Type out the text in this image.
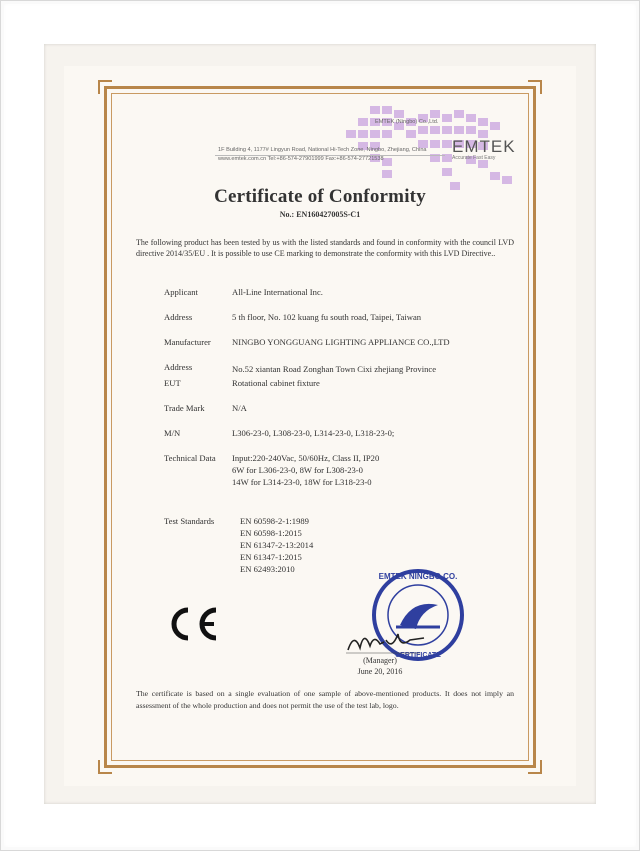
EMTEK (Ningbo) Co.,Ltd.
1F Building 4, 1177# Lingyun Road, National Hi-Tech Zone, Ningbo, Zhejiang, China
www.emtek.com.cn Tel:+86-574-27901999 Fax:+86-574-27721538
EMTEK
Accurate Fast Easy
Certificate of Conformity
No.: EN160427005S-C1
The following product has been tested by us with the listed standards and found in conformity with the council LVD directive 2014/35/EU . It is possible to use CE marking to demonstrate the conformity with this LVD Directive..
Applicant	All-Line International Inc.
Address	5 th floor, No. 102 kuang fu south road, Taipei, Taiwan
Manufacturer NINGBO YONGGUANG LIGHTING APPLIANCE CO.,LTD
Address	No.52 xiantan Road Zonghan Town Cixi zhejiang Province
EUT	Rotational cabinet fixture
Trade Mark	N/A
M/N	L306-23-0, L308-23-0, L314-23-0, L318-23-0;
Technical Data Input:220-240Vac, 50/60Hz, Class II, IP20
6W for L306-23-0, 8W for L308-23-0
14W for L314-23-0, 18W for L318-23-0
Test Standards	EN 60598-2-1:1989
EN 60598-1:2015
EN 61347-2-13:2014
EN 61347-1:2015
EN 62493:2010
EMTEK NINGBO CO.
CERTIFICATE
(Manager)
June 20, 2016
The certificate is based on a single evaluation of one sample of above-mentioned products. It does not imply an assessment of the whole production and does not permit the use of the test lab, logo.
